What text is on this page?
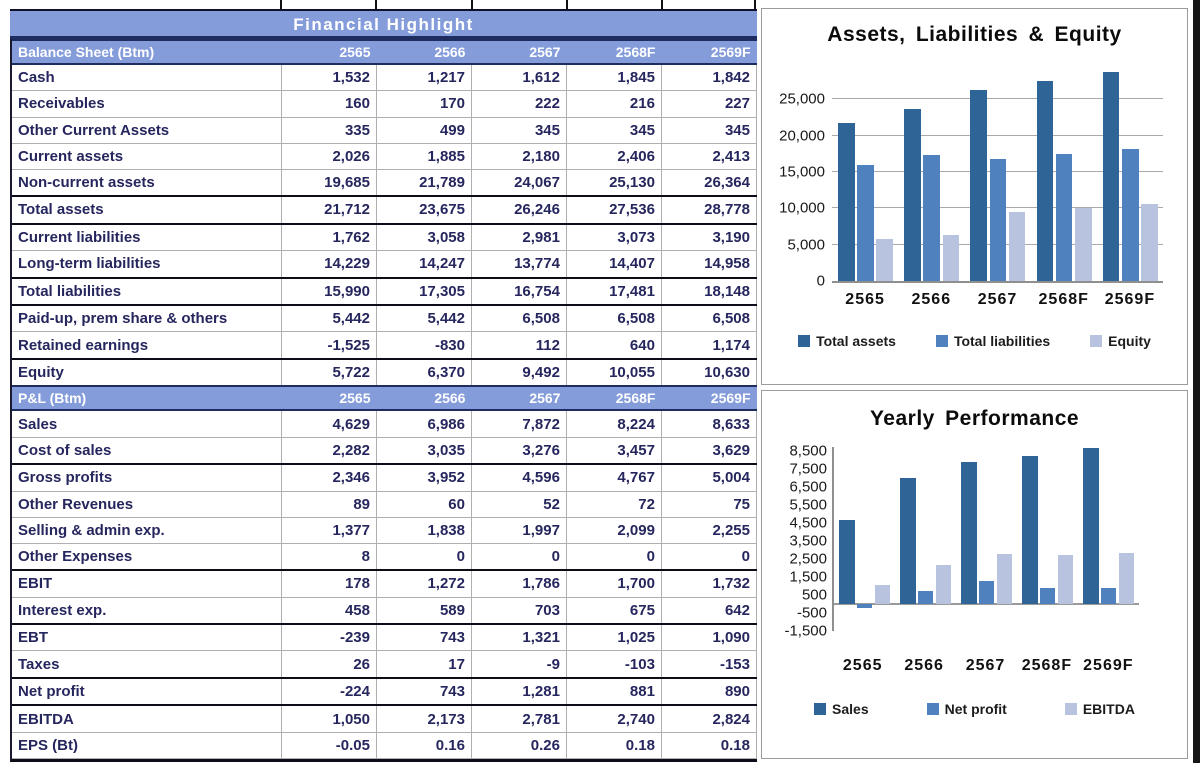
Financial Highlight
Balance Sheet (Btm)	2565	2566	2567	2568F	2569F
Cash	1,532	1,217	1,612	1,845	1,842
Receivables	160	170	222	216	227
Other Current Assets	335	499	345	345	345
Current assets	2,026	1,885	2,180	2,406	2,413
Non-current assets	19,685	21,789	24,067	25,130	26,364
Total assets	21,712	23,675	26,246	27,536	28,778
Current liabilities	1,762	3,058	2,981	3,073	3,190
Long-term liabilities	14,229	14,247	13,774	14,407	14,958
Total liabilities	15,990	17,305	16,754	17,481	18,148
Paid-up, prem share & others	5,442	5,442	6,508	6,508	6,508
Retained earnings	-1,525	-830	112	640	1,174
Equity	5,722	6,370	9,492	10,055	10,630
P&L (Btm)	2565	2566	2567	2568F	2569F
Sales	4,629	6,986	7,872	8,224	8,633
Cost of sales	2,282	3,035	3,276	3,457	3,629
Gross profits	2,346	3,952	4,596	4,767	5,004
Other Revenues	89	60	52	72	75
Selling & admin exp.	1,377	1,838	1,997	2,099	2,255
Other Expenses	8	0	0	0	0
EBIT	178	1,272	1,786	1,700	1,732
Interest exp.	458	589	703	675	642
EBT	-239	743	1,321	1,025	1,090
Taxes	26	17	-9	-103	-153
Net profit	-224	743	1,281	881	890
EBITDA	1,050	2,173	2,781	2,740	2,824
EPS (Bt)	-0.05	0.16	0.26	0.18	0.18
Assets, Liabilities & Equity
25,000
20,000
15,000
10,000
5,000
0
2565	2566	2567	2568F 2569F
Total assets	Total liabilities	Equity
Yearly Performance
8,500
7,500
6,500
5,500
4,500
3,500
2,500
1,500
500
-500
-1,500
2565	2566	2567	2568F 2569F
Sales	Net profit	EBITDA
